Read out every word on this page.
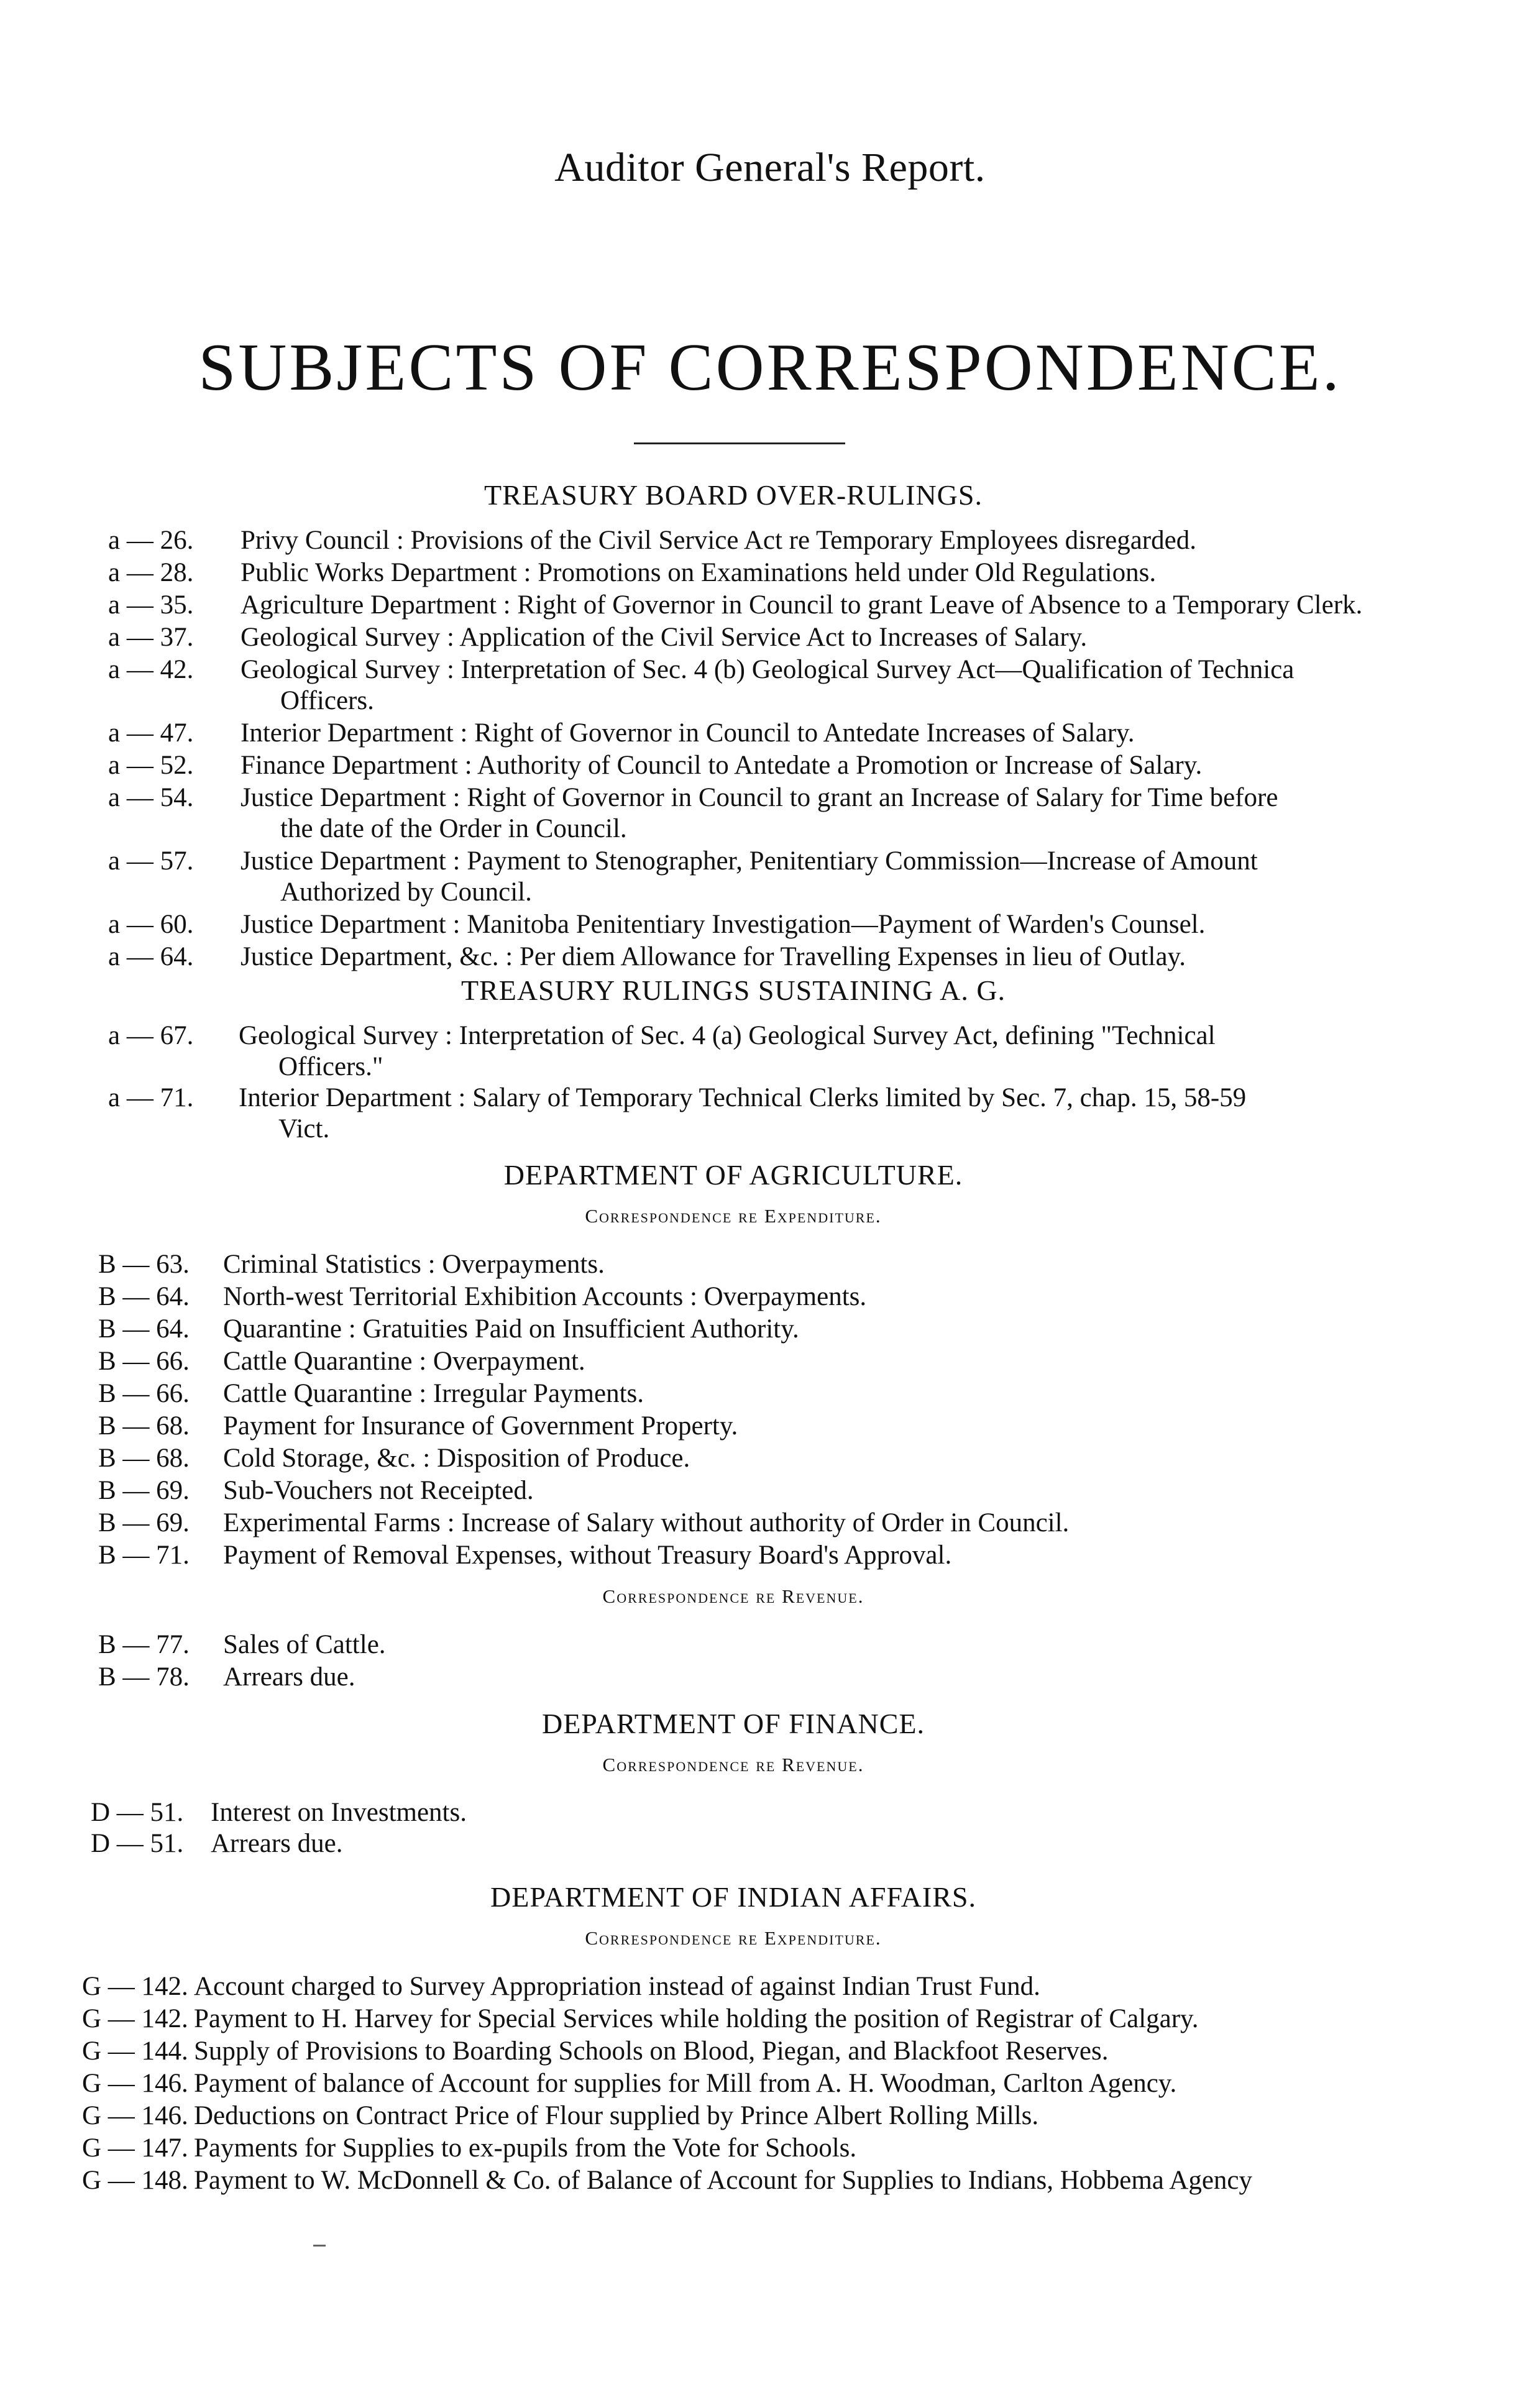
Auditor General's Report.
SUBJECTS OF CORRESPONDENCE.
TREASURY BOARD OVER-RULINGS.
a — 26.	Privy Council : Provisions of the Civil Service Act re Temporary Employees disregarded.
a — 28.	Public Works Department : Promotions on Examinations held under Old Regulations.
a — 35.	Agriculture Department : Right of Governor in Council to grant Leave of Absence to a Temporary Clerk.
a — 37.	Geological Survey : Application of the Civil Service Act to Increases of Salary.
a — 42.	Geological Survey : Interpretation of Sec. 4 (b) Geological Survey Act—Qualification of Technica
Officers.
a — 47.	Interior Department : Right of Governor in Council to Antedate Increases of Salary.
a — 52.	Finance Department : Authority of Council to Antedate a Promotion or Increase of Salary.
a — 54.	Justice Department : Right of Governor in Council to grant an Increase of Salary for Time before
the date of the Order in Council.
a — 57.	Justice Department : Payment to Stenographer, Penitentiary Commission—Increase of Amount
Authorized by Council.
a — 60.	Justice Department : Manitoba Penitentiary Investigation—Payment of Warden's Counsel.
a — 64.	Justice Department, &c. : Per diem Allowance for Travelling Expenses in lieu of Outlay.
TREASURY RULINGS SUSTAINING A. G.
a — 67.	Geological Survey : Interpretation of Sec. 4 (a) Geological Survey Act, defining "Technical
Officers."
a — 71.	Interior Department : Salary of Temporary Technical Clerks limited by Sec. 7, chap. 15, 58-59
Vict.
DEPARTMENT OF AGRICULTURE.
Correspondence re Expenditure.
B — 63.	Criminal Statistics : Overpayments.
B — 64.	North-west Territorial Exhibition Accounts : Overpayments.
B — 64.	Quarantine : Gratuities Paid on Insufficient Authority.
B — 66.	Cattle Quarantine : Overpayment.
B — 66.	Cattle Quarantine : Irregular Payments.
B — 68.	Payment for Insurance of Government Property.
B — 68.	Cold Storage, &c. : Disposition of Produce.
B — 69.	Sub-Vouchers not Receipted.
B — 69.	Experimental Farms : Increase of Salary without authority of Order in Council.
B — 71.	Payment of Removal Expenses, without Treasury Board's Approval.
Correspondence re Revenue.
B — 77.	Sales of Cattle.
B — 78.	Arrears due.
DEPARTMENT OF FINANCE.
Correspondence re Revenue.
D — 51.	Interest on Investments.
D — 51.	Arrears due.
DEPARTMENT OF INDIAN AFFAIRS.
Correspondence re Expenditure.
G — 142. Account charged to Survey Appropriation instead of against Indian Trust Fund.
G — 142. Payment to H. Harvey for Special Services while holding the position of Registrar of Calgary.
G — 144. Supply of Provisions to Boarding Schools on Blood, Piegan, and Blackfoot Reserves.
G — 146. Payment of balance of Account for supplies for Mill from A. H. Woodman, Carlton Agency.
G — 146. Deductions on Contract Price of Flour supplied by Prince Albert Rolling Mills.
G — 147. Payments for Supplies to ex-pupils from the Vote for Schools.
G — 148. Payment to W. McDonnell & Co. of Balance of Account for Supplies to Indians, Hobbema Agency
